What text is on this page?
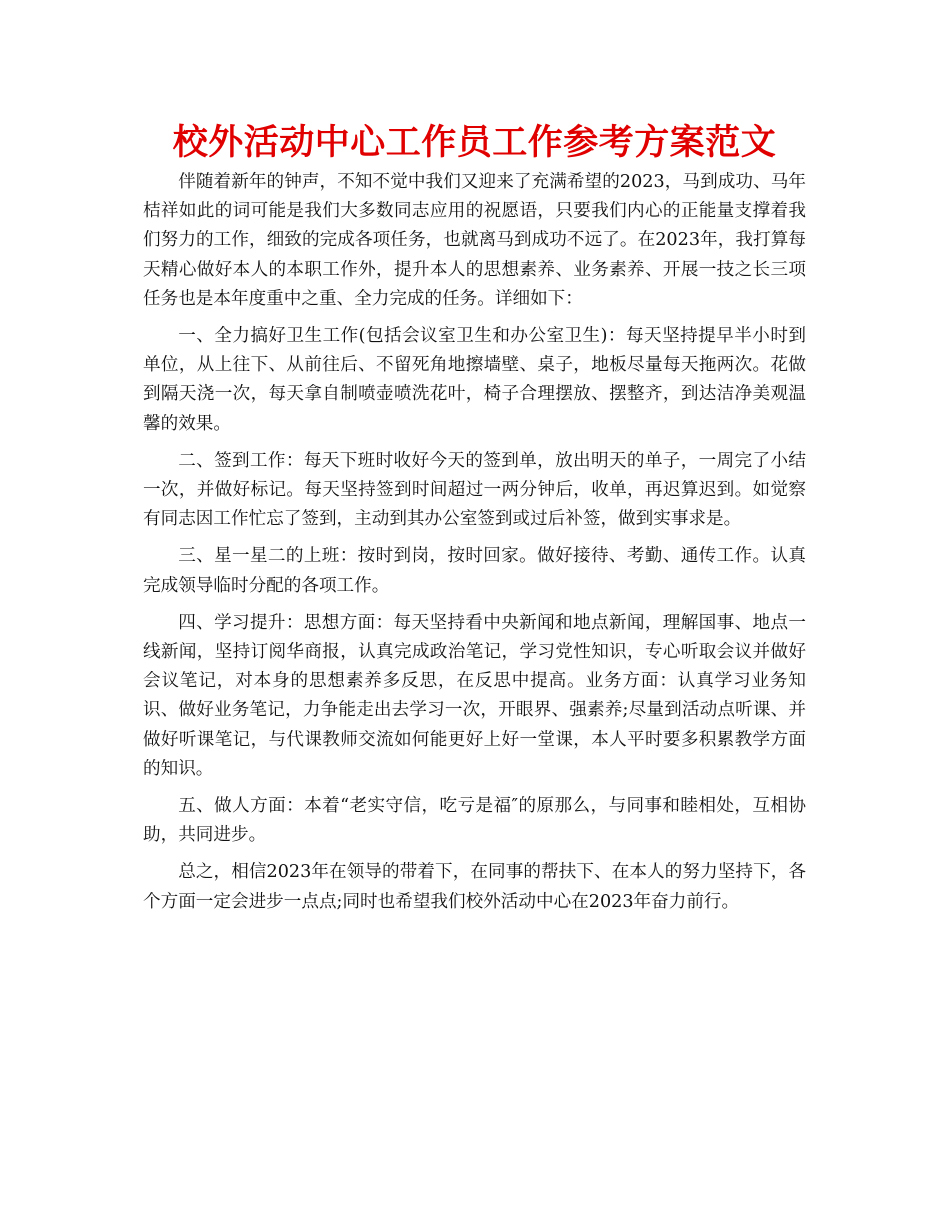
校外活动中心工作员工作参考方案范文

伴随着新年的钟声，不知不觉中我们又迎来了充满希望的2023，马到成功、马年桔祥如此的词可能是我们大多数同志应用的祝愿语，只要我们内心的正能量支撑着我们努力的工作，细致的完成各项任务，也就离马到成功不远了。在2023年，我打算每天精心做好本人的本职工作外，提升本人的思想素养、业务素养、开展一技之长三项任务也是本年度重中之重、全力完成的任务。详细如下：

一、全力搞好卫生工作(包括会议室卫生和办公室卫生)：每天坚持提早半小时到单位，从上往下、从前往后、不留死角地擦墙壁、桌子，地板尽量每天拖两次。花做到隔天浇一次，每天拿自制喷壶喷洗花叶，椅子合理摆放、摆整齐，到达洁净美观温馨的效果。

二、签到工作：每天下班时收好今天的签到单，放出明天的单子，一周完了小结一次，并做好标记。每天坚持签到时间超过一两分钟后，收单，再迟算迟到。如觉察有同志因工作忙忘了签到，主动到其办公室签到或过后补签，做到实事求是。

三、星一星二的上班：按时到岗，按时回家。做好接待、考勤、通传工作。认真完成领导临时分配的各项工作。

四、学习提升：思想方面：每天坚持看中央新闻和地点新闻，理解国事、地点一线新闻，坚持订阅华商报，认真完成政治笔记，学习党性知识，专心听取会议并做好会议笔记，对本身的思想素养多反思，在反思中提高。业务方面：认真学习业务知识、做好业务笔记，力争能走出去学习一次，开眼界、强素养;尽量到活动点听课、并做好听课笔记，与代课教师交流如何能更好上好一堂课，本人平时要多积累教学方面的知识。

五、做人方面：本着“老实守信，吃亏是福″的原那么，与同事和睦相处，互相协助，共同进步。

总之，相信2023年在领导的带着下，在同事的帮扶下、在本人的努力坚持下，各个方面一定会进步一点点;同时也希望我们校外活动中心在2023年奋力前行。
